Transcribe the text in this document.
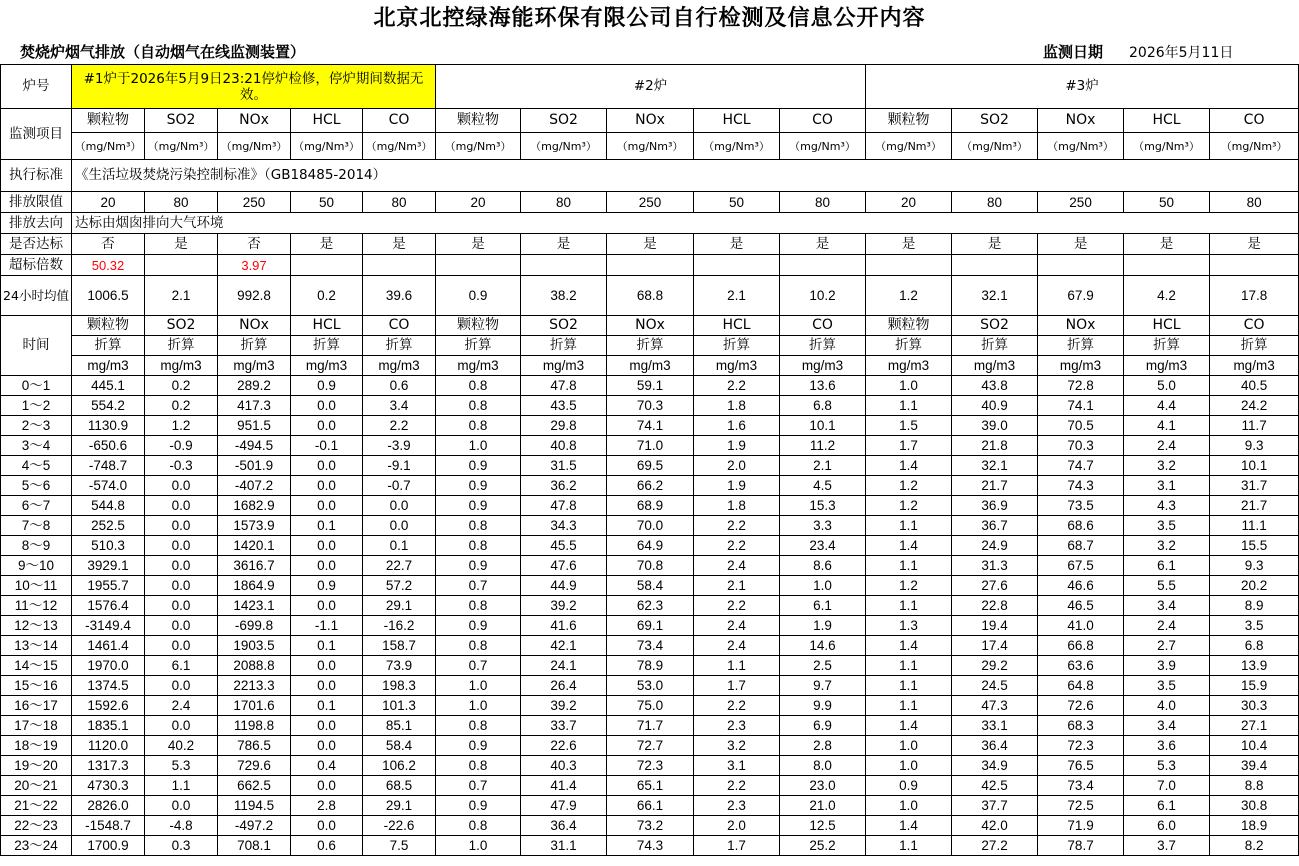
北京北控绿海能环保有限公司自行检测及信息公开内容
焚烧炉烟气排放（自动烟气在线监测装置）	监测日期 2026年5月11日
炉号	#1炉于2026年5月9日23:21停炉检修，停炉期间数据无效。					#2炉					#3炉				
监测项目	颗粒物	SO2	NOx	HCL	CO	颗粒物	SO2	NOx	HCL	CO	颗粒物	SO2	NOx	HCL	CO
	（mg/Nm³）	（mg/Nm³）	（mg/Nm³）	（mg/Nm³）	（mg/Nm³）	（mg/Nm³）	（mg/Nm³）	（mg/Nm³）	（mg/Nm³）	（mg/Nm³）	（mg/Nm³）	（mg/Nm³）	（mg/Nm³）	（mg/Nm³）	（mg/Nm³）
执行标准	《生活垃圾焚烧污染控制标准》（GB18485-2014）														
排放限值	20	80	250	50	80	20	80	250	50	80	20	80	250	50	80
排放去向	达标由烟囱排向大气环境														
是否达标	否	是	否	是	是	是	是	是	是	是	是	是	是	是	是
超标倍数	50.32		3.97												
24小时均值	1006.5	2.1	992.8	0.2	39.6	0.9	38.2	68.8	2.1	10.2	1.2	32.1	67.9	4.2	17.8
时间	颗粒物	SO2	NOx	HCL	CO	颗粒物	SO2	NOx	HCL	CO	颗粒物	SO2	NOx	HCL	CO
	折算	折算	折算	折算	折算	折算	折算	折算	折算	折算	折算	折算	折算	折算	折算
	mg/m3	mg/m3	mg/m3	mg/m3	mg/m3	mg/m3	mg/m3	mg/m3	mg/m3	mg/m3	mg/m3	mg/m3	mg/m3	mg/m3	mg/m3
0～1	445.1	0.2	289.2	0.9	0.6	0.8	47.8	59.1	2.2	13.6	1.0	43.8	72.8	5.0	40.5
1～2	554.2	0.2	417.3	0.0	3.4	0.8	43.5	70.3	1.8	6.8	1.1	40.9	74.1	4.4	24.2
2～3	1130.9	1.2	951.5	0.0	2.2	0.8	29.8	74.1	1.6	10.1	1.5	39.0	70.5	4.1	11.7
3～4	-650.6	-0.9	-494.5	-0.1	-3.9	1.0	40.8	71.0	1.9	11.2	1.7	21.8	70.3	2.4	9.3
4～5	-748.7	-0.3	-501.9	0.0	-9.1	0.9	31.5	69.5	2.0	2.1	1.4	32.1	74.7	3.2	10.1
5～6	-574.0	0.0	-407.2	0.0	-0.7	0.9	36.2	66.2	1.9	4.5	1.2	21.7	74.3	3.1	31.7
6～7	544.8	0.0	1682.9	0.0	0.0	0.9	47.8	68.9	1.8	15.3	1.2	36.9	73.5	4.3	21.7
7～8	252.5	0.0	1573.9	0.1	0.0	0.8	34.3	70.0	2.2	3.3	1.1	36.7	68.6	3.5	11.1
8～9	510.3	0.0	1420.1	0.0	0.1	0.8	45.5	64.9	2.2	23.4	1.4	24.9	68.7	3.2	15.5
9～10	3929.1	0.0	3616.7	0.0	22.7	0.9	47.6	70.8	2.4	8.6	1.1	31.3	67.5	6.1	9.3
10～11	1955.7	0.0	1864.9	0.9	57.2	0.7	44.9	58.4	2.1	1.0	1.2	27.6	46.6	5.5	20.2
11～12	1576.4	0.0	1423.1	0.0	29.1	0.8	39.2	62.3	2.2	6.1	1.1	22.8	46.5	3.4	8.9
12～13	-3149.4	0.0	-699.8	-1.1	-16.2	0.9	41.6	69.1	2.4	1.9	1.3	19.4	41.0	2.4	3.5
13～14	1461.4	0.0	1903.5	0.1	158.7	0.8	42.1	73.4	2.4	14.6	1.4	17.4	66.8	2.7	6.8
14～15	1970.0	6.1	2088.8	0.0	73.9	0.7	24.1	78.9	1.1	2.5	1.1	29.2	63.6	3.9	13.9
15～16	1374.5	0.0	2213.3	0.0	198.3	1.0	26.4	53.0	1.7	9.7	1.1	24.5	64.8	3.5	15.9
16～17	1592.6	2.4	1701.6	0.1	101.3	1.0	39.2	75.0	2.2	9.9	1.1	47.3	72.6	4.0	30.3
17～18	1835.1	0.0	1198.8	0.0	85.1	0.8	33.7	71.7	2.3	6.9	1.4	33.1	68.3	3.4	27.1
18～19	1120.0	40.2	786.5	0.0	58.4	0.9	22.6	72.7	3.2	2.8	1.0	36.4	72.3	3.6	10.4
19～20	1317.3	5.3	729.6	0.4	106.2	0.8	40.3	72.3	3.1	8.0	1.0	34.9	76.5	5.3	39.4
20～21	4730.3	1.1	662.5	0.0	68.5	0.7	41.4	65.1	2.2	23.0	0.9	42.5	73.4	7.0	8.8
21～22	2826.0	0.0	1194.5	2.8	29.1	0.9	47.9	66.1	2.3	21.0	1.0	37.7	72.5	6.1	30.8
22～23	-1548.7	-4.8	-497.2	0.0	-22.6	0.8	36.4	73.2	2.0	12.5	1.4	42.0	71.9	6.0	18.9
23～24	1700.9	0.3	708.1	0.6	7.5	1.0	31.1	74.3	1.7	25.2	1.1	27.2	78.7	3.7	8.2
